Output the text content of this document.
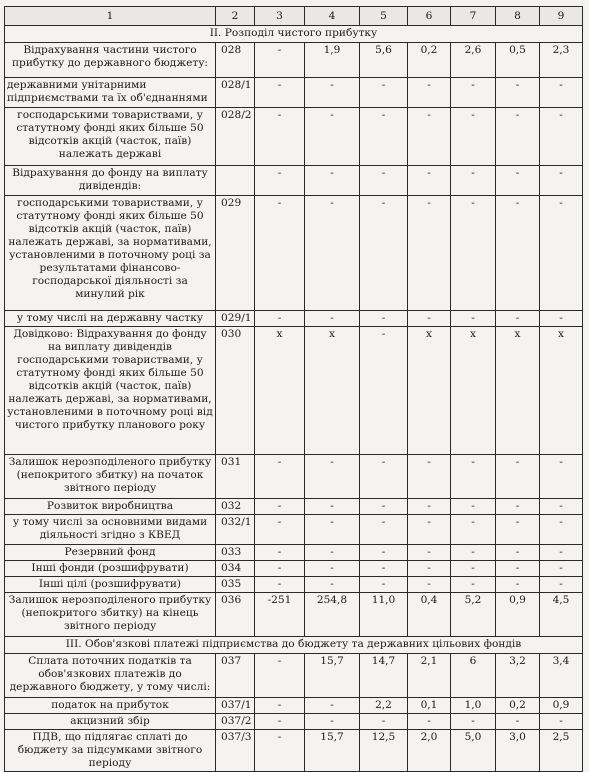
1	2	3	4	5	6	7	8	9
II. Розподіл чистого прибутку								
Відрахування частини чистого прибутку до державного бюджету:	028	-	1,9	5,6	0,2	2,6	0,5	2,3
державними унітарними підприємствами та їх об'єднаннями	028/1	-	-	-	-	-	-	-
господарськими товариствами, у статутному фонді яких більше 50 відсотків акцій (часток, паїв) належать державі	028/2	-	-	-	-	-	-	-
Відрахування до фонду на виплату дивідендів:		-	-	-	-	-	-	-
господарськими товариствами, у статутному фонді яких більше 50 відсотків акцій (часток, паїв) належать державі, за нормативами, установленими в поточному році за результатами фінансово-господарської діяльності за минулий рік	029	-	-	-	-	-	-	-
у тому числі на державну частку	029/1	-	-	-	-	-	-	-
Довідково: Відрахування до фонду на виплату дивідендів господарськими товариствами, у статутному фонді яких більше 50 відсотків акцій (часток, паїв) належать державі, за нормативами, установленими в поточному році від чистого прибутку планового року	030	x	x	-	x	x	x	x
Залишок нерозподіленого прибутку (непокритого збитку) на початок звітного періоду	031	-	-	-	-	-	-	-
Розвиток виробництва	032	-	-	-	-	-	-	-
у тому числі за основними видами діяльності згідно з КВЕД	032/1	-	-	-	-	-	-	-
Резервний фонд	033	-	-	-	-	-	-	-
Інші фонди (розшифрувати)	034	-	-	-	-	-	-	-
Інші цілі (розшифрувати)	035	-	-	-	-	-	-	-
Залишок нерозподіленого прибутку (непокритого збитку) на кінець звітного періоду	036	-251	254,8	11,0	0,4	5,2	0,9	4,5
III. Обов'язкові платежі підприємства до бюджету та державних цільових фондів								
Сплата поточних податків та обов'язкових платежів до державного бюджету, у тому числі:	037	-	15,7	14,7	2,1	6	3,2	3,4
податок на прибуток	037/1	-	-	2,2	0,1	1,0	0,2	0,9
акцизний збір	037/2	-	-	-	-	-	-	-
ПДВ, що підлягає сплаті до бюджету за підсумками звітного періоду	037/3	-	15,7	12,5	2,0	5,0	3,0	2,5
